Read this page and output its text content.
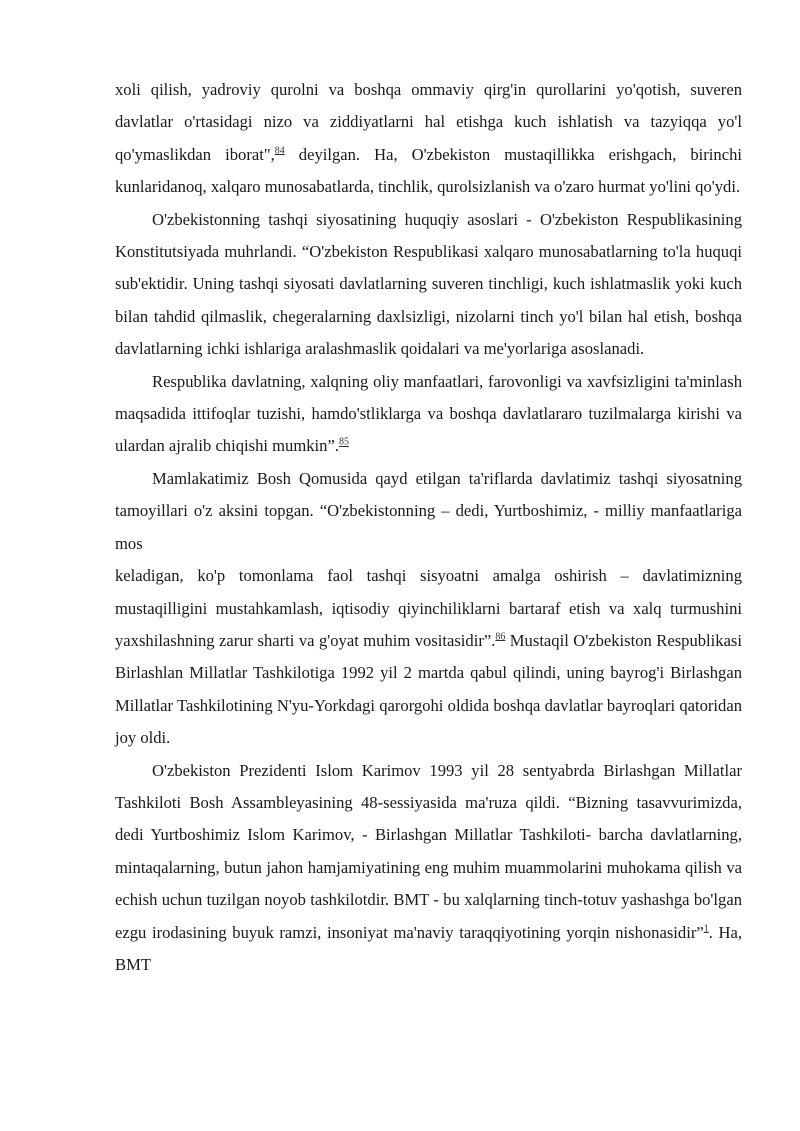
xoli qilish, yadroviy qurolni va boshqa ommaviy qirg'in qurollarini yo'qotish, suveren davlatlar o'rtasidagi nizo va ziddiyatlarni hal etishga kuch ishlatish va tazyiqqa yo'l qo'ymaslikdan iborat",$^{84}$ deyilgan. Ha, O'zbekiston mustaqillikka erishgach, birinchi kunlaridanoq, xalqaro munosabatlarda, tinchlik, qurolsizlanish va o'zaro hurmat yo'lini qo'ydi.

O'zbekistonning tashqi siyosatining huquqiy asoslari - O'zbekiston Respublikasining Konstitutsiyada muhrlandi. “O'zbekiston Respublikasi xalqaro munosabatlarning to'la huquqi sub'ektidir. Uning tashqi siyosati davlatlarning suveren tinchligi, kuch ishlatmaslik yoki kuch bilan tahdid qilmaslik, chegeralarning daxlsizligi, nizolarni tinch yo'l bilan hal etish, boshqa davlatlarning ichki ishlariga aralashmaslik qoidalari va me'yorlariga asoslanadi.

Respublika davlatning, xalqning oliy manfaatlari, farovonligi va xavfsizligini ta'minlash maqsadida ittifoqlar tuzishi, hamdo'stliklarga va boshqa davlatlararo tuzilmalarga kirishi va ulardan ajralib chiqishi mumkin”.$^{85}$

Mamlakatimiz Bosh Qomusida qayd etilgan ta'riflarda davlatimiz tashqi siyosatning tamoyillari o'z aksini topgan. “O'zbekistonning – dedi, Yurtboshimiz, - milliy manfaatlariga mos

keladigan, ko'p tomonlama faol tashqi sisyoatni amalga oshirish – davlatimizning mustaqilligini mustahkamlash, iqtisodiy qiyinchiliklarni bartaraf etish va xalq turmushini yaxshilashning zarur sharti va g'oyat muhim vositasidir”.$^{86}$ Mustaqil O'zbekiston Respublikasi Birlashlan Millatlar Tashkilotiga 1992 yil 2 martda qabul qilindi, uning bayrog'i Birlashgan Millatlar Tashkilotining N'yu-Yorkdagi qarorgohi oldida boshqa davlatlar bayroqlari qatoridan joy oldi.

O'zbekiston Prezidenti Islom Karimov 1993 yil 28 sentyabrda Birlashgan Millatlar Tashkiloti Bosh Assambleyasining 48-sessiyasida ma'ruza qildi. “Bizning tasavvurimizda, dedi Yurtboshimiz Islom Karimov, - Birlashgan Millatlar Tashkiloti- barcha davlatlarning, mintaqalarning, butun jahon hamjamiyatining eng muhim muammolarini muhokama qilish va echish uchun tuzilgan noyob tashkilotdir. BMT - bu xalqlarning tinch-totuv yashashga bo'lgan ezgu irodasining buyuk ramzi, insoniyat ma'naviy taraqqiyotining yorqin nishonasidir”$^1$. Ha, BMT
